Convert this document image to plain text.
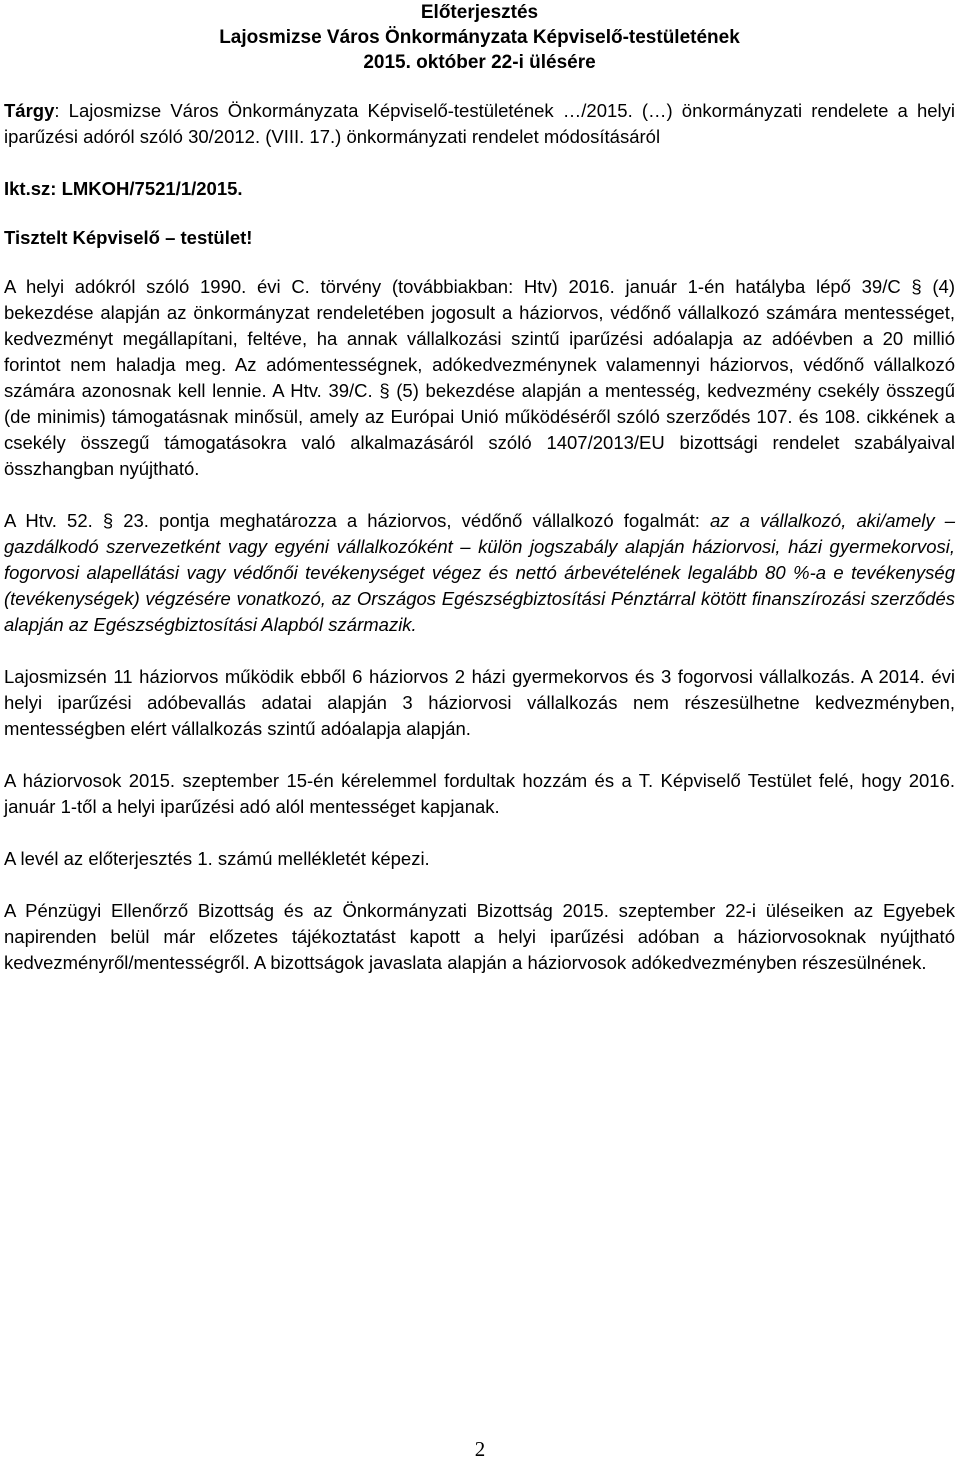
Előterjesztés
Lajosmizse Város Önkormányzata Képviselő-testületének
2015. október 22-i ülésére

Tárgy: Lajosmizse Város Önkormányzata Képviselő-testületének …/2015. (…) önkormányzati rendelete a helyi iparűzési adóról szóló 30/2012. (VIII. 17.) önkormányzati rendelet módosításáról

Ikt.sz: LMKOH/7521/1/2015.

Tisztelt Képviselő – testület!

A helyi adókról szóló 1990. évi C. törvény (továbbiakban: Htv) 2016. január 1-én hatályba lépő 39/C § (4) bekezdése alapján az önkormányzat rendeletében jogosult a háziorvos, védőnő vállalkozó számára mentességet, kedvezményt megállapítani, feltéve, ha annak vállalkozási szintű iparűzési adóalapja az adóévben a 20 millió forintot nem haladja meg. Az adómentességnek, adókedvezménynek valamennyi háziorvos, védőnő vállalkozó számára azonosnak kell lennie. A Htv. 39/C. § (5) bekezdése alapján a mentesség, kedvezmény csekély összegű (de minimis) támogatásnak minősül, amely az Európai Unió működéséről szóló szerződés 107. és 108. cikkének a csekély összegű támogatásokra való alkalmazásáról szóló 1407/2013/EU bizottsági rendelet szabályaival összhangban nyújtható.

A Htv. 52. § 23. pontja meghatározza a háziorvos, védőnő vállalkozó fogalmát: az a vállalkozó, aki/amely – gazdálkodó szervezetként vagy egyéni vállalkozóként – külön jogszabály alapján háziorvosi, házi gyermekorvosi, fogorvosi alapellátási vagy védőnői tevékenységet végez és nettó árbevételének legalább 80 %-a e tevékenység (tevékenységek) végzésére vonatkozó, az Országos Egészségbiztosítási Pénztárral kötött finanszírozási szerződés alapján az Egészségbiztosítási Alapból származik.

Lajosmizsén 11 háziorvos működik ebből 6 háziorvos 2 házi gyermekorvos és 3 fogorvosi vállalkozás. A 2014. évi helyi iparűzési adóbevallás adatai alapján 3 háziorvosi vállalkozás nem részesülhetne kedvezményben, mentességben elért vállalkozás szintű adóalapja alapján.

A háziorvosok 2015. szeptember 15-én kérelemmel fordultak hozzám és a T. Képviselő Testület felé, hogy 2016. január 1-től a helyi iparűzési adó alól mentességet kapjanak.

A levél az előterjesztés 1. számú mellékletét képezi.

A Pénzügyi Ellenőrző Bizottság és az Önkormányzati Bizottság 2015. szeptember 22-i üléseiken az Egyebek napirenden belül már előzetes tájékoztatást kapott a helyi iparűzési adóban a háziorvosoknak nyújtható kedvezményről/mentességről. A bizottságok javaslata alapján a háziorvosok adókedvezményben részesülnének.

2
